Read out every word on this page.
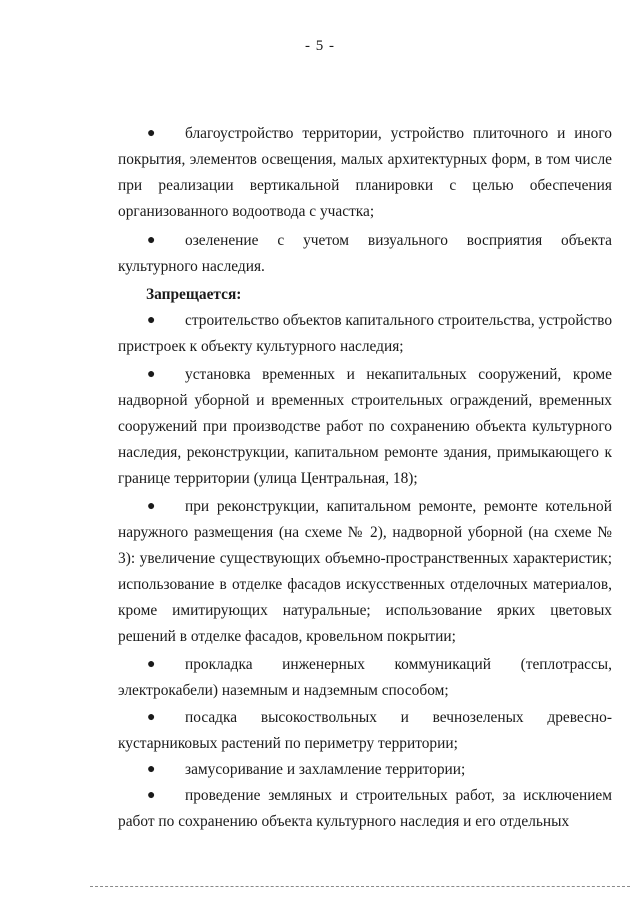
- 5 -
●	благоустройство территории, устройство плиточного и иного покрытия, элементов освещения, малых архитектурных форм, в том числе при реализации вертикальной планировки с целью обеспечения организованного водоотвода с участка;

●	озеленение с учетом визуального восприятия объекта культурного наследия.

Запрещается:
●	строительство объектов капитального строительства, устройство пристроек к объекту культурного наследия;

●	установка временных и некапитальных сооружений, кроме надворной уборной и временных строительных ограждений, временных сооружений при производстве работ по сохранению объекта культурного наследия, реконструкции, капитальном ремонте здания, примыкающего к границе территории (улица Центральная, 18);

●	при реконструкции, капитальном ремонте, ремонте котельной наружного размещения (на схеме № 2), надворной уборной (на схеме № 3): увеличение существующих объемно-пространственных характеристик; использование в отделке фасадов искусственных отделочных материалов, кроме имитирующих натуральные; использование ярких цветовых решений в отделке фасадов, кровельном покрытии;

●	прокладка инженерных коммуникаций (теплотрассы, электрокабели) наземным и надземным способом;

●	посадка высокоствольных и вечнозеленых древесно-кустарниковых растений по периметру территории;

●	замусоривание и захламление территории;

●	проведение земляных и строительных работ, за исключением работ по сохранению объекта культурного наследия и его отдельных
